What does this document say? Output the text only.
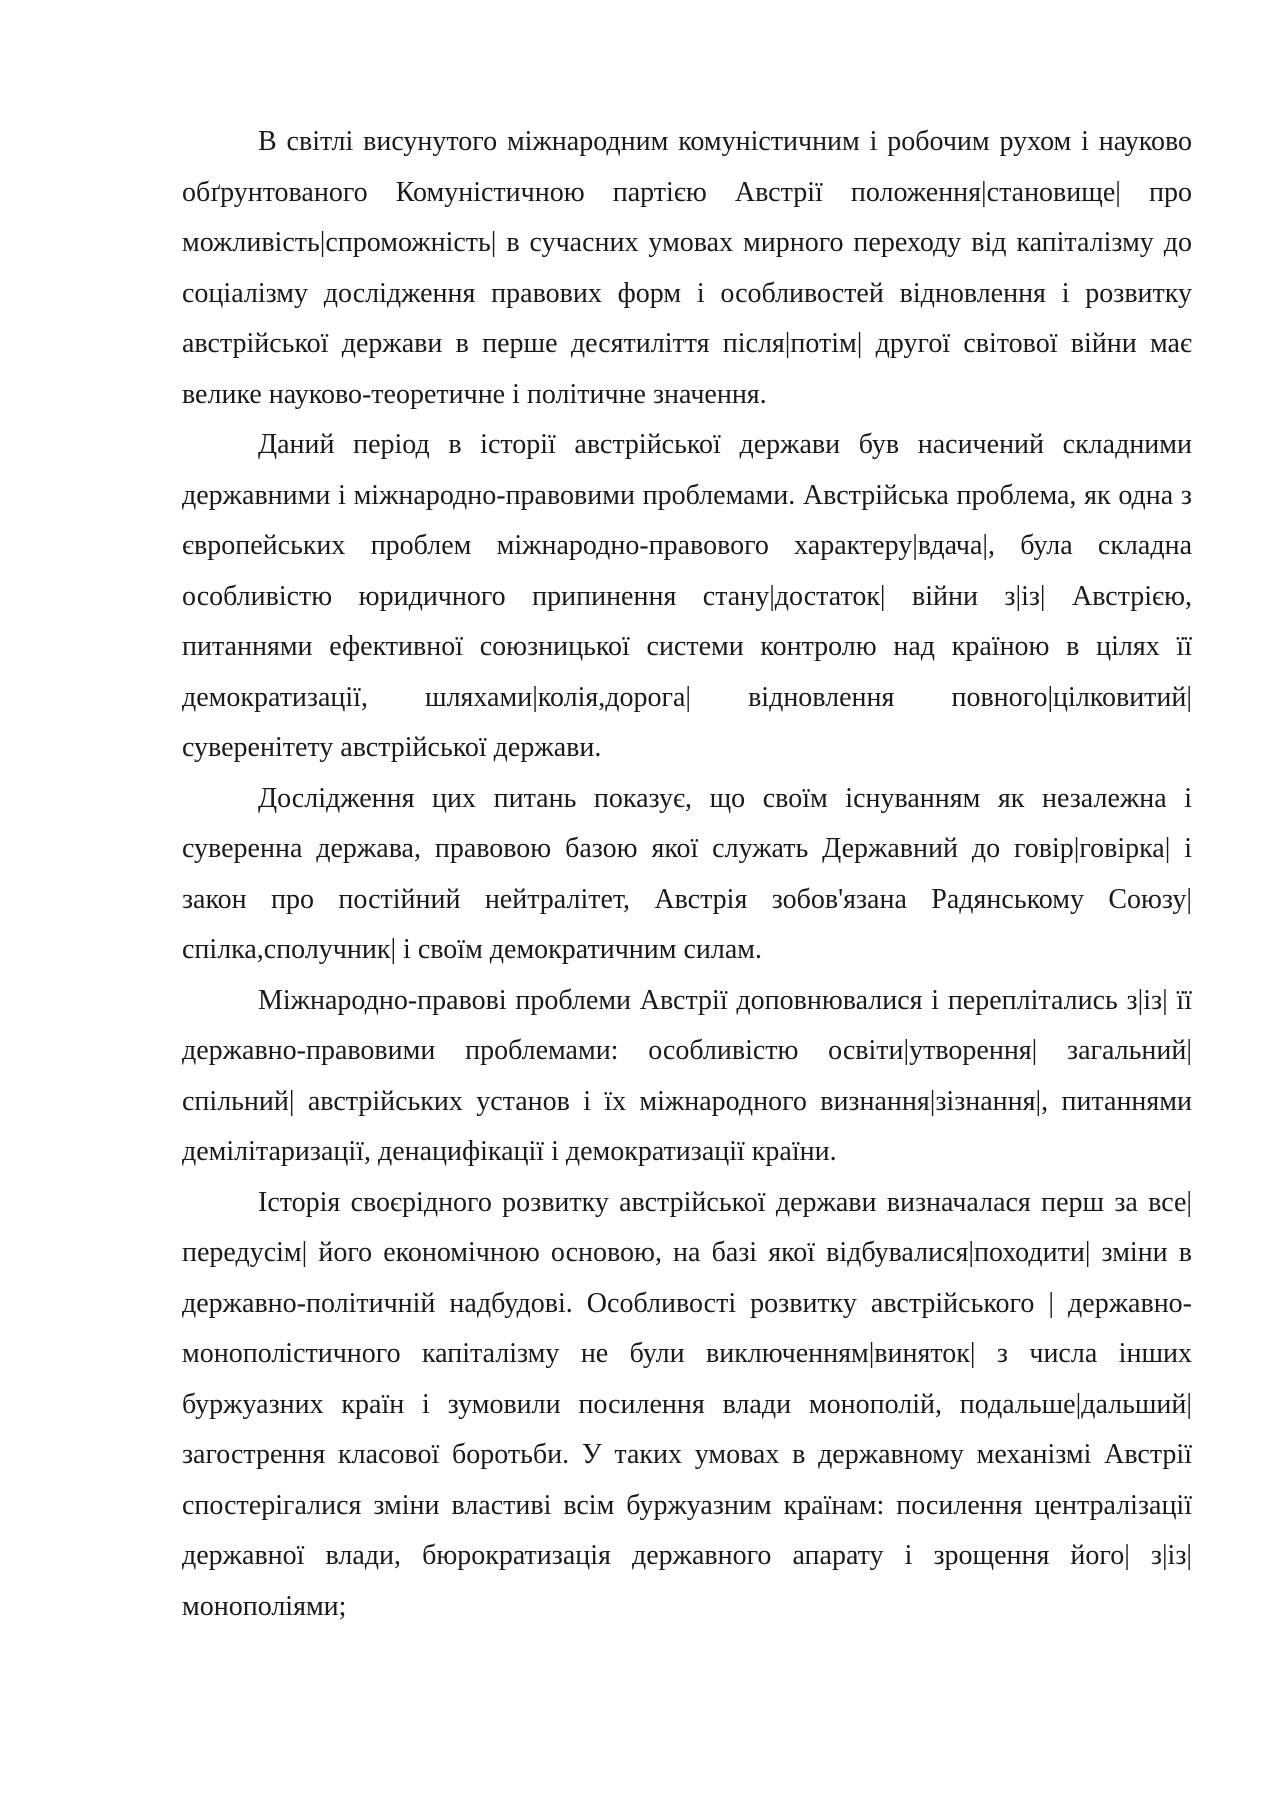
В світлі висунутого міжнародним комуністичним і робочим рухом і науково обґрунтованого Комуністичною партією Австрії положення|становище| про можливість|спроможність| в сучасних умовах мирного переходу від капіталізму до соціалізму дослідження правових форм і особливостей відновлення і розвитку австрійської держави в перше десятиліття після|потім| другої світової війни має велике науково-теоретичне і політичне значення.

Даний період в історії австрійської держави був насичений складними державними і міжнародно-правовими проблемами. Австрійська проблема, як одна з європейських проблем міжнародно-правового характеру|вдача|, була складна особливістю юридичного припинення стану|достаток| війни з|із| Австрією, питаннями ефективної союзницької системи контролю над країною в цілях її демократизації, шляхами|колія,дорога| відновлення повного|цілковитий| суверенітету австрійської держави.

Дослідження цих питань показує, що своїм існуванням як незалежна і суверенна держава, правовою базою якої служать Державний до говір|говірка| і закон про постійний нейтралітет, Австрія зобов'язана Радянському Союзу|спілка,сполучник| і своїм демократичним силам.

Міжнародно-правові проблеми Австрії доповнювалися і переплітались з|із| її державно-правовими проблемами: особливістю освіти|утворення| загальний|спільний| австрійських установ і їх міжнародного визнання|зізнання|, питаннями демілітаризації, денацифікації і демократизації країни.

Історія своєрідного розвитку австрійської держави визначалася перш за все|передусім| його економічною основою, на базі якої відбувалися|походити| зміни в державно-політичній надбудові. Особливості розвитку австрійського | державно-монополістичного капіталізму не були виключенням|виняток| з числа інших буржуазних країн і зумовили посилення влади монополій, подальше|дальший| загострення класової боротьби. У таких умовах в державному механізмі Австрії спостерігалися зміни властиві всім буржуазним країнам: посилення централізації державної влади, бюрократизація державного апарату і зрощення його| з|із| монополіями;
